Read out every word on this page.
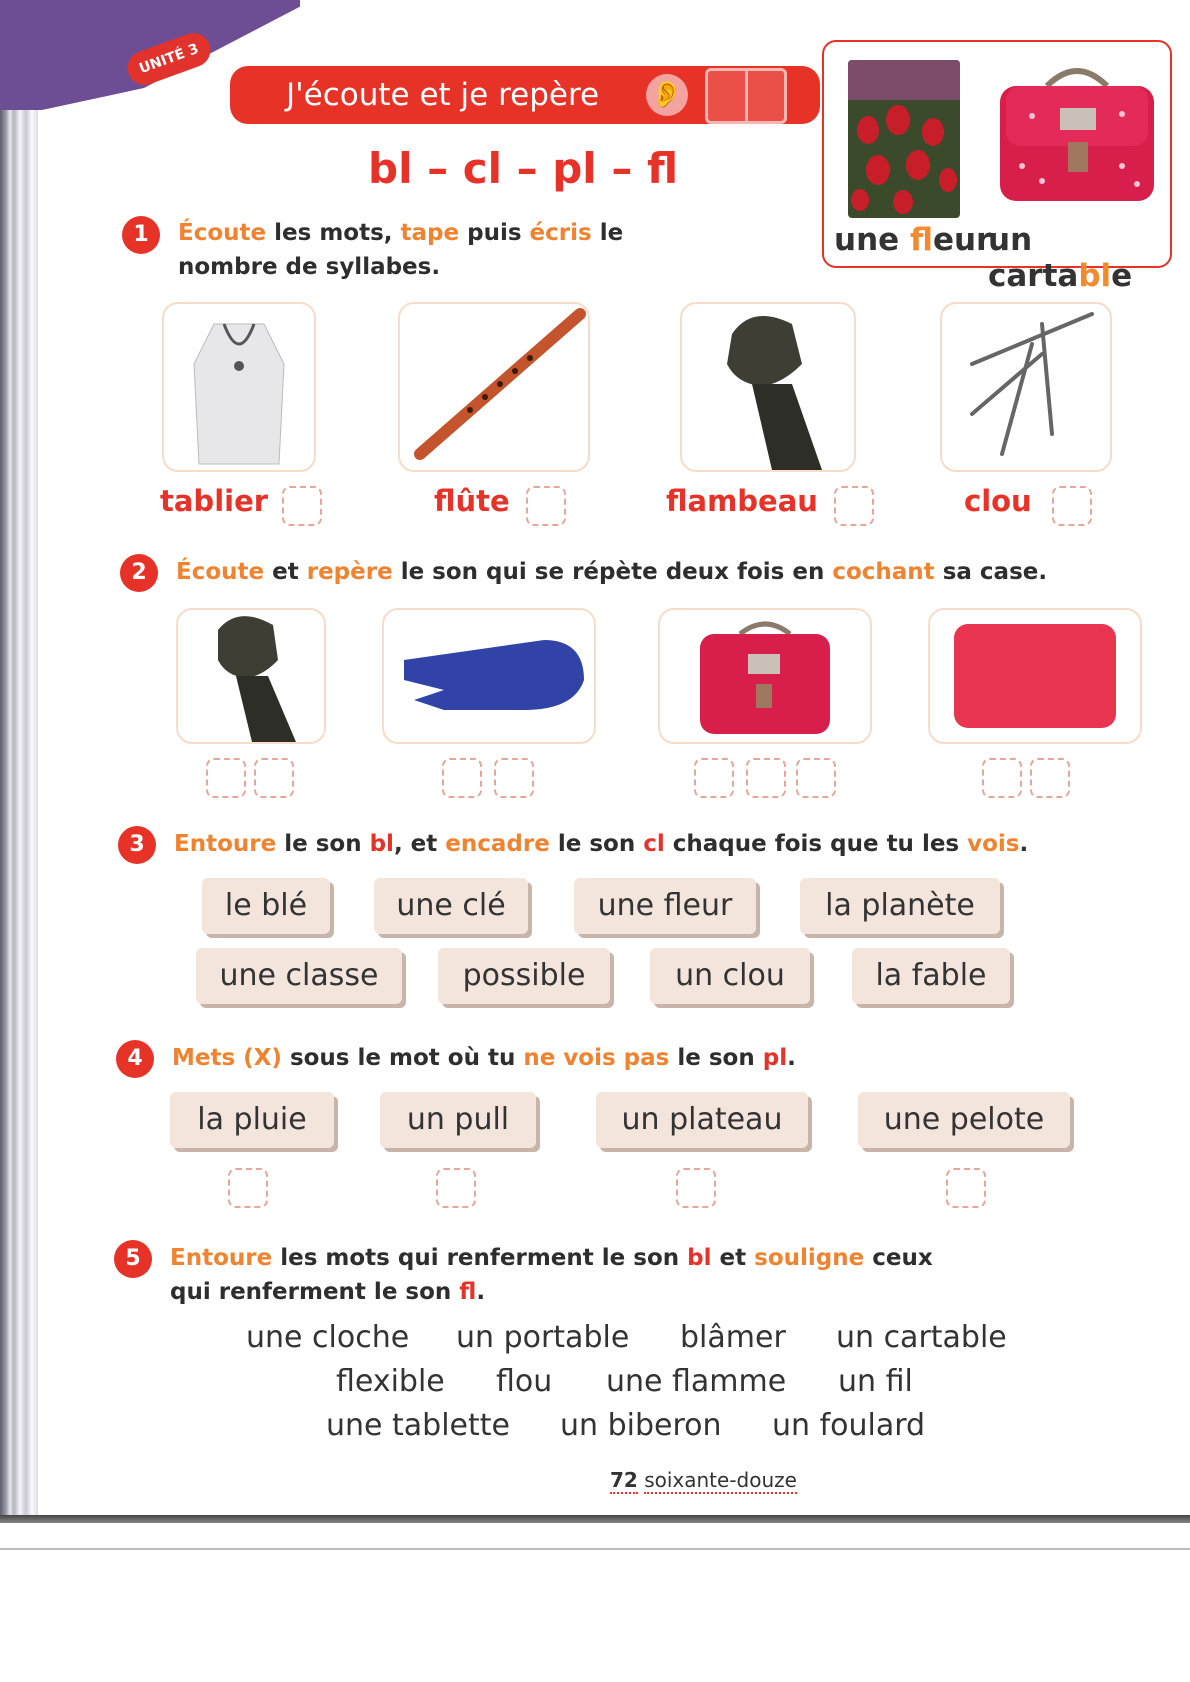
UNITÉ 3
J'écoute et je repère	👂
bl – cl – pl – fl
une fleur
un cartable
1	Écoute les mots, tape puis écris le nombre de syllabes.
tablier	flûte	flambeau	clou
2	Écoute et repère le son qui se répète deux fois en cochant sa case.
3	Entoure le son bl, et encadre le son cl chaque fois que tu les vois.
le blé	une clé	une fleur	la planète
une classe	possible	un clou	la fable
4	Mets (X) sous le mot où tu ne vois pas le son pl.
la pluie	un pull	un plateau	une pelote
5	Entoure les mots qui renferment le son bl et souligne ceux qui renferment le son fl.
une cloche un portable blâmer un cartable
flexible flou une flamme un fil
une tablette un biberon un foulard
72 soixante-douze
